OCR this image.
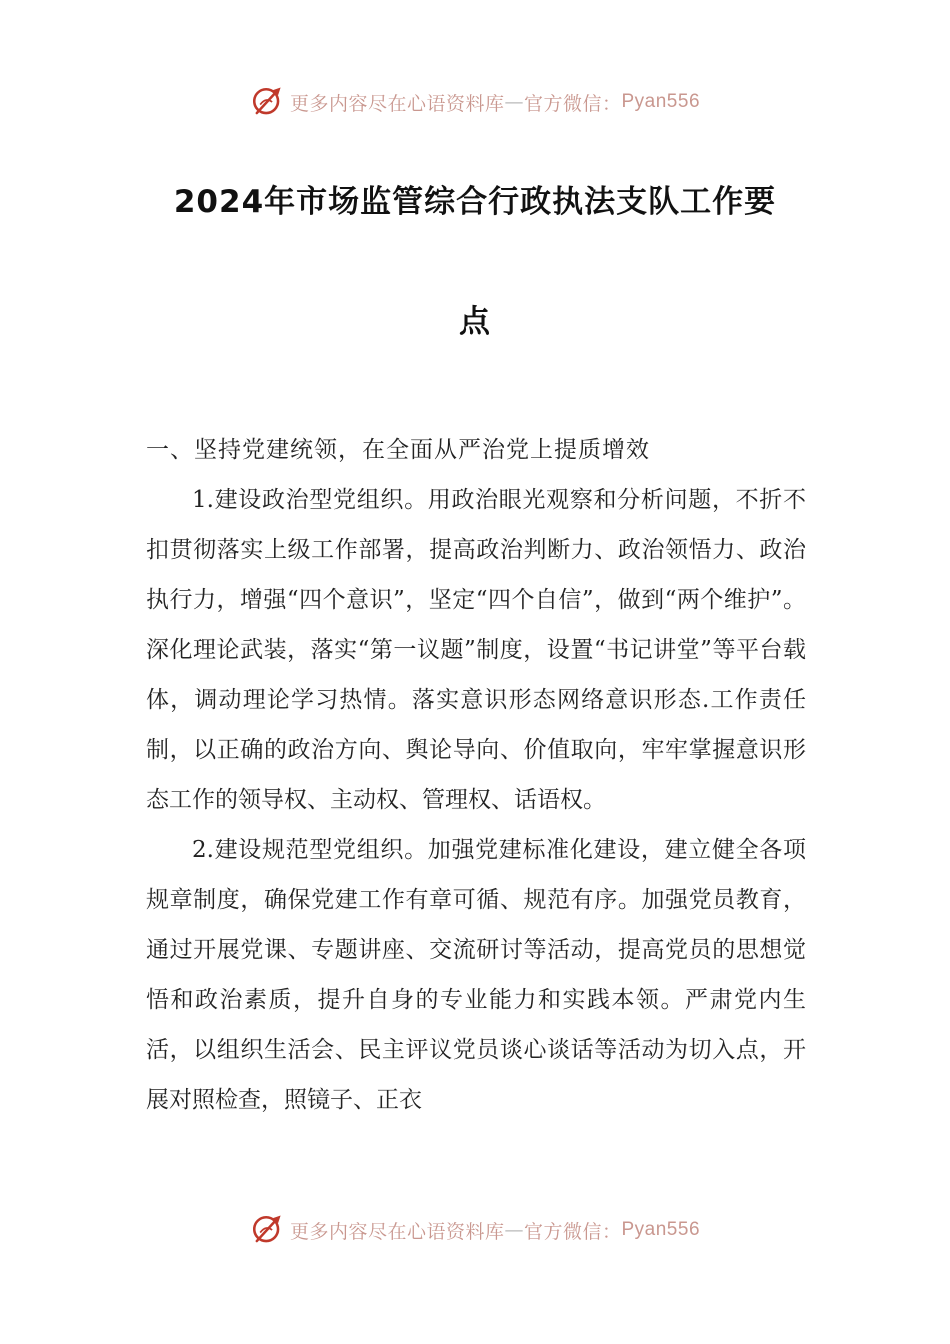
更多内容尽在心语资料库 — 官方微信： Pyan556
2024年市场监管综合行政执法支队工作要
点

一、坚持党建统领，在全面从严治党上提质增效

1.建设政治型党组织。用政治眼光观察和分析问题，不折不扣贯彻落实上级工作部署，提高政治判断力、政治领悟力、政治执行力，增强“四个意识”，坚定“四个自信”，做到“两个维护”。深化理论武装，落实“第一议题”制度，设置“书记讲堂”等平台载体，调动理论学习热情。落实意识形态网络意识形态.工作责任制，以正确的政治方向、舆论导向、价值取向，牢牢掌握意识形态工作的领导权、主动权、管理权、话语权。

2.建设规范型党组织。加强党建标准化建设，建立健全各项规章制度，确保党建工作有章可循、规范有序。加强党员教育，通过开展党课、专题讲座、交流研讨等活动，提高党员的思想觉悟和政治素质，提升自身的专业能力和实践本领。严肃党内生活，以组织生活会、民主评议党员谈心谈话等活动为切入点，开展对照检查，照镜子、正衣

更多内容尽在心语资料库 — 官方微信： Pyan556
